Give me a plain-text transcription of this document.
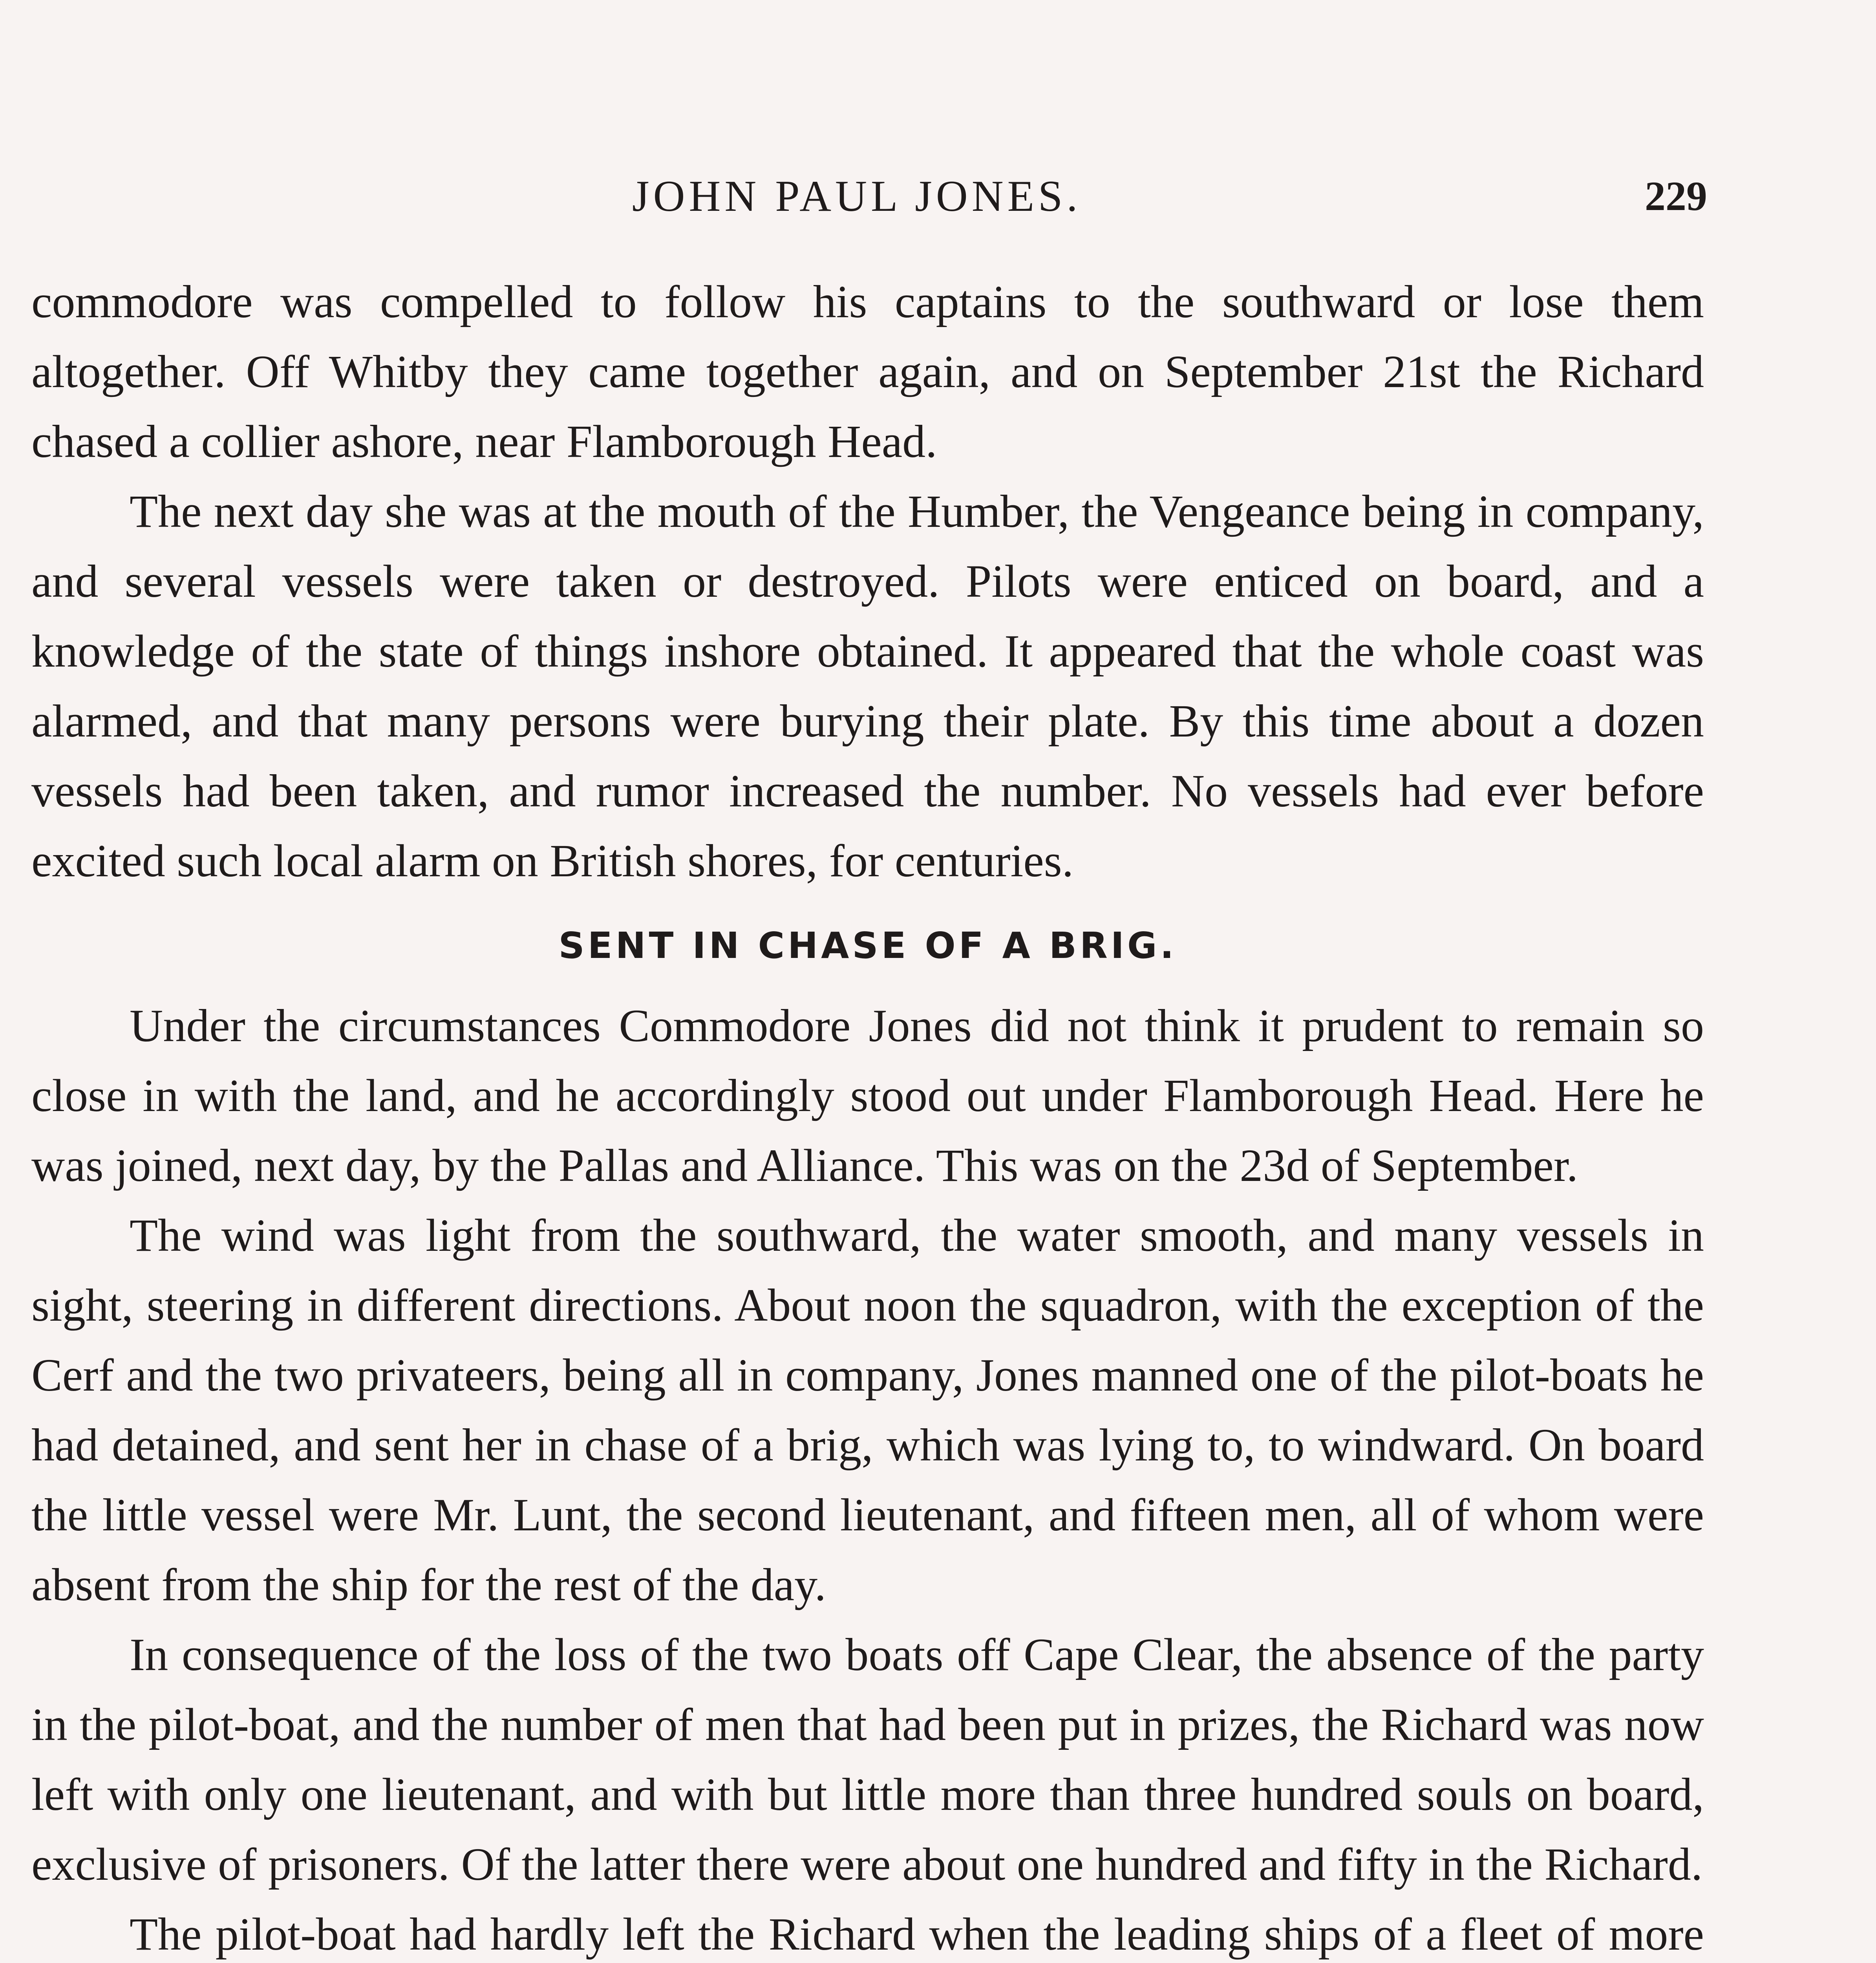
JOHN PAUL JONES.	229

commodore was compelled to follow his captains to the southward or lose them altogether. Off Whitby they came together again, and on September 21st the Richard chased a collier ashore, near Flamborough Head.

The next day she was at the mouth of the Humber, the Vengeance being in company, and several vessels were taken or destroyed. Pilots were enticed on board, and a knowledge of the state of things inshore obtained. It appeared that the whole coast was alarmed, and that many persons were burying their plate. By this time about a dozen vessels had been taken, and rumor increased the number. No vessels had ever before excited such local alarm on British shores, for centuries.

SENT IN CHASE OF A BRIG.

Under the circumstances Commodore Jones did not think it prudent to remain so close in with the land, and he accordingly stood out under Flamborough Head. Here he was joined, next day, by the Pallas and Alliance. This was on the 23d of September.

The wind was light from the southward, the water smooth, and many vessels in sight, steering in different directions. About noon the squadron, with the exception of the Cerf and the two privateers, being all in company, Jones manned one of the pilot-boats he had detained, and sent her in chase of a brig, which was lying to, to windward. On board the little vessel were Mr. Lunt, the second lieutenant, and fifteen men, all of whom were absent from the ship for the rest of the day.

In consequence of the loss of the two boats off Cape Clear, the absence of the party in the pilot-boat, and the number of men that had been put in prizes, the Richard was now left with only one lieutenant, and with but little more than three hundred souls on board, exclusive of prisoners. Of the latter there were about one hundred and fifty in the Richard.

The pilot-boat had hardly left the Richard when the leading ships of a fleet of more
